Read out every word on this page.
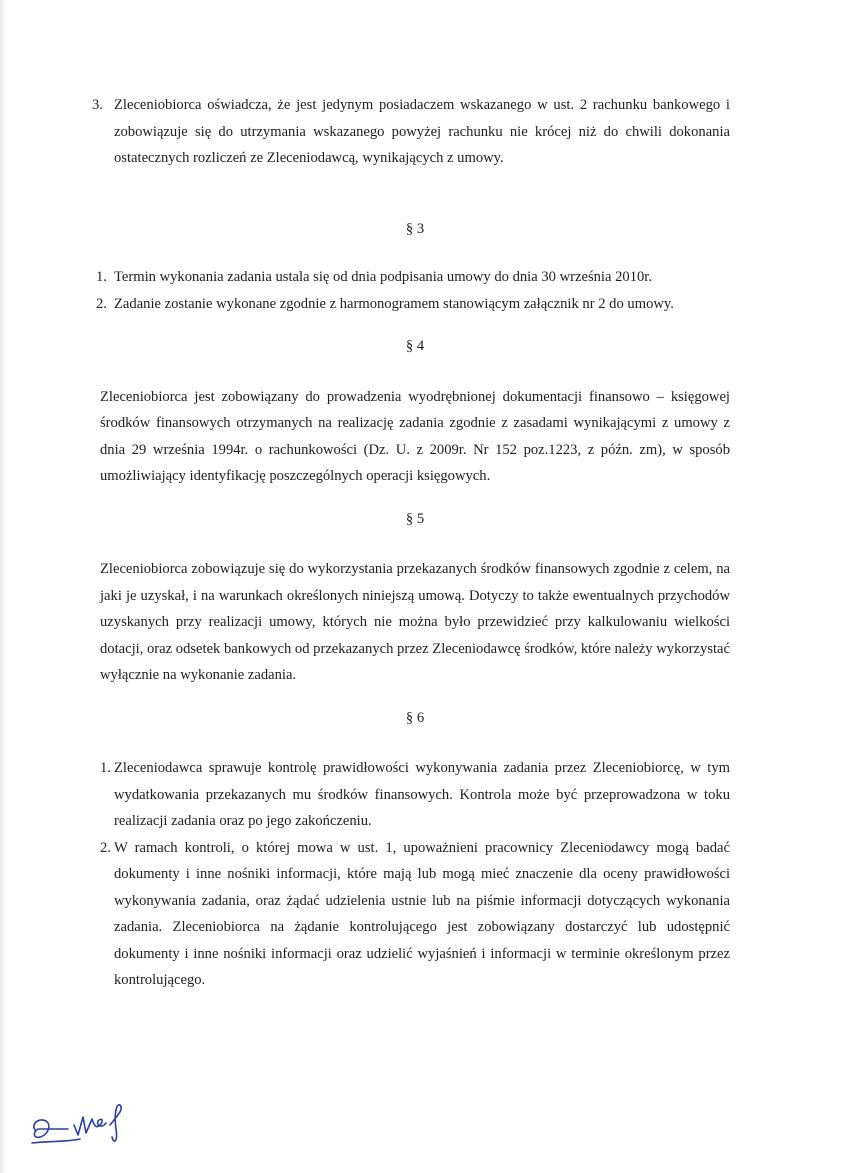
3. Zleceniobiorca oświadcza, że jest jedynym posiadaczem wskazanego w ust. 2 rachunku bankowego i zobowiązuje się do utrzymania wskazanego powyżej rachunku nie krócej niż do chwili dokonania ostatecznych rozliczeń ze Zleceniodawcą, wynikających z umowy.
§ 3
1. Termin wykonania zadania ustala się od dnia podpisania umowy do dnia 30 września 2010r.
2. Zadanie zostanie wykonane zgodnie z harmonogramem stanowiącym załącznik nr 2 do umowy.
§ 4

Zleceniobiorca jest zobowiązany do prowadzenia wyodrębnionej dokumentacji finansowo – księgowej środków finansowych otrzymanych na realizację zadania zgodnie z zasadami wynikającymi z umowy z dnia 29 września 1994r. o rachunkowości (Dz. U. z 2009r. Nr 152 poz.1223, z późn. zm), w sposób umożliwiający identyfikację poszczególnych operacji księgowych.

§ 5

Zleceniobiorca zobowiązuje się do wykorzystania przekazanych środków finansowych zgodnie z celem, na jaki je uzyskał, i na warunkach określonych niniejszą umową. Dotyczy to także ewentualnych przychodów uzyskanych przy realizacji umowy, których nie można było przewidzieć przy kalkulowaniu wielkości dotacji, oraz odsetek bankowych od przekazanych przez Zleceniodawcę środków, które należy wykorzystać wyłącznie na wykonanie zadania.

§ 6
1. Zleceniodawca sprawuje kontrolę prawidłowości wykonywania zadania przez Zleceniobiorcę, w tym wydatkowania przekazanych mu środków finansowych. Kontrola może być przeprowadzona w toku realizacji zadania oraz po jego zakończeniu.
2. W ramach kontroli, o której mowa w ust. 1, upoważnieni pracownicy Zleceniodawcy mogą badać dokumenty i inne nośniki informacji, które mają lub mogą mieć znaczenie dla oceny prawidłowości wykonywania zadania, oraz żądać udzielenia ustnie lub na piśmie informacji dotyczących wykonania zadania. Zleceniobiorca na żądanie kontrolującego jest zobowiązany dostarczyć lub udostępnić dokumenty i inne nośniki informacji oraz udzielić wyjaśnień i informacji w terminie określonym przez kontrolującego.
